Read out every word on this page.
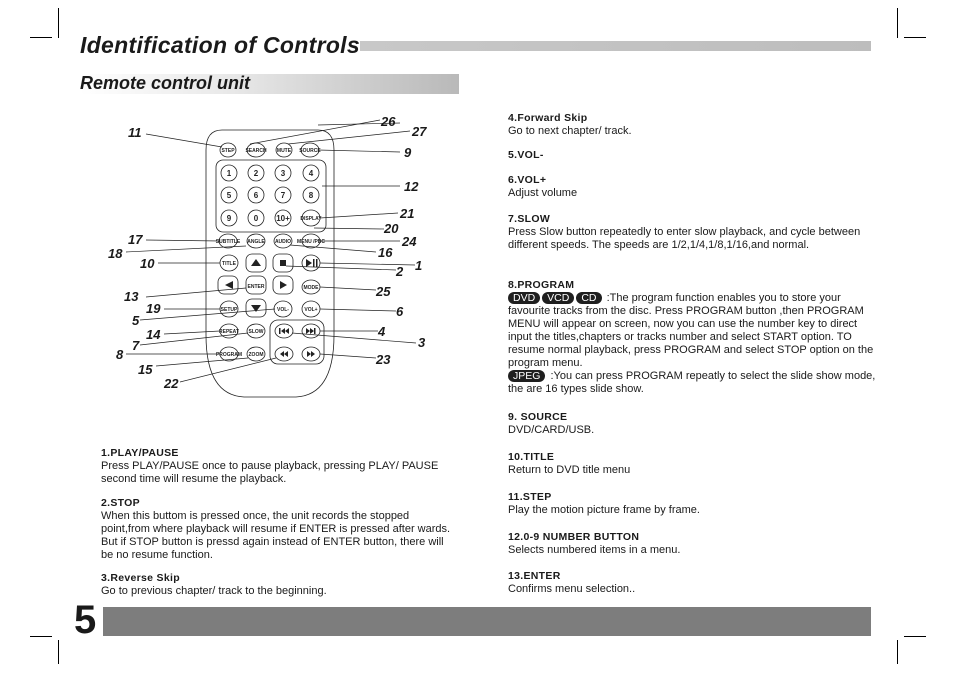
Identification of Controls
Remote control unit
STEP SEARCH MUTE SOURCE
1	2	3	4
5	6	7	8
9	0 10+ DISPLAY
SUBTITLE ANGLE AUDIO MENU /PBC
TITLE
ENTER	MODE
SETUP	VOL-	VOL+
REPEAT SLOW
PROGRAM ZOOM
11
26
27
9
12
21
20
24
17
18	16
10
2 1
13	25
19	6
5
14	4
7	3
8	23
15
22

1.PLAY/PAUSE

Press PLAY/PAUSE once to pause playback, pressing PLAY/ PAUSE second time will resume the playback.

2.STOP

When this buttom is pressed once, the unit records the stopped point,from where playback will resume if ENTER is pressed after wards. But if STOP button is pressd again instead of ENTER button, there will be no resume function.

3.Reverse Skip

Go to previous chapter/ track to the beginning.

4.Forward Skip

Go to next chapter/ track.

5.VOL-

6.VOL+

Adjust volume

7.SLOW

Press Slow button repeatedly to enter slow playback, and cycle between different speeds. The speeds are 1/2,1/4,1/8,1/16,and normal.

8.PROGRAM

DVD VCD CD :The program function enables you to store your favourite tracks from the disc. Press PROGRAM button ,then PROGRAM MENU will appear on screen, now you can use the number key to direct input the titles,chapters or tracks number and select START option. TO resume normal playback, press PROGRAM and select STOP option on the program menu.

JPEG :You can press PROGRAM repeatly to select the slide show mode, the are 16 types slide show.

9. SOURCE

DVD/CARD/USB.

10.TITLE

Return to DVD title menu

11.STEP

Play the motion picture frame by frame.

12.0-9 NUMBER BUTTON

Selects numbered items in a menu.

13.ENTER

Confirms menu selection..

5
